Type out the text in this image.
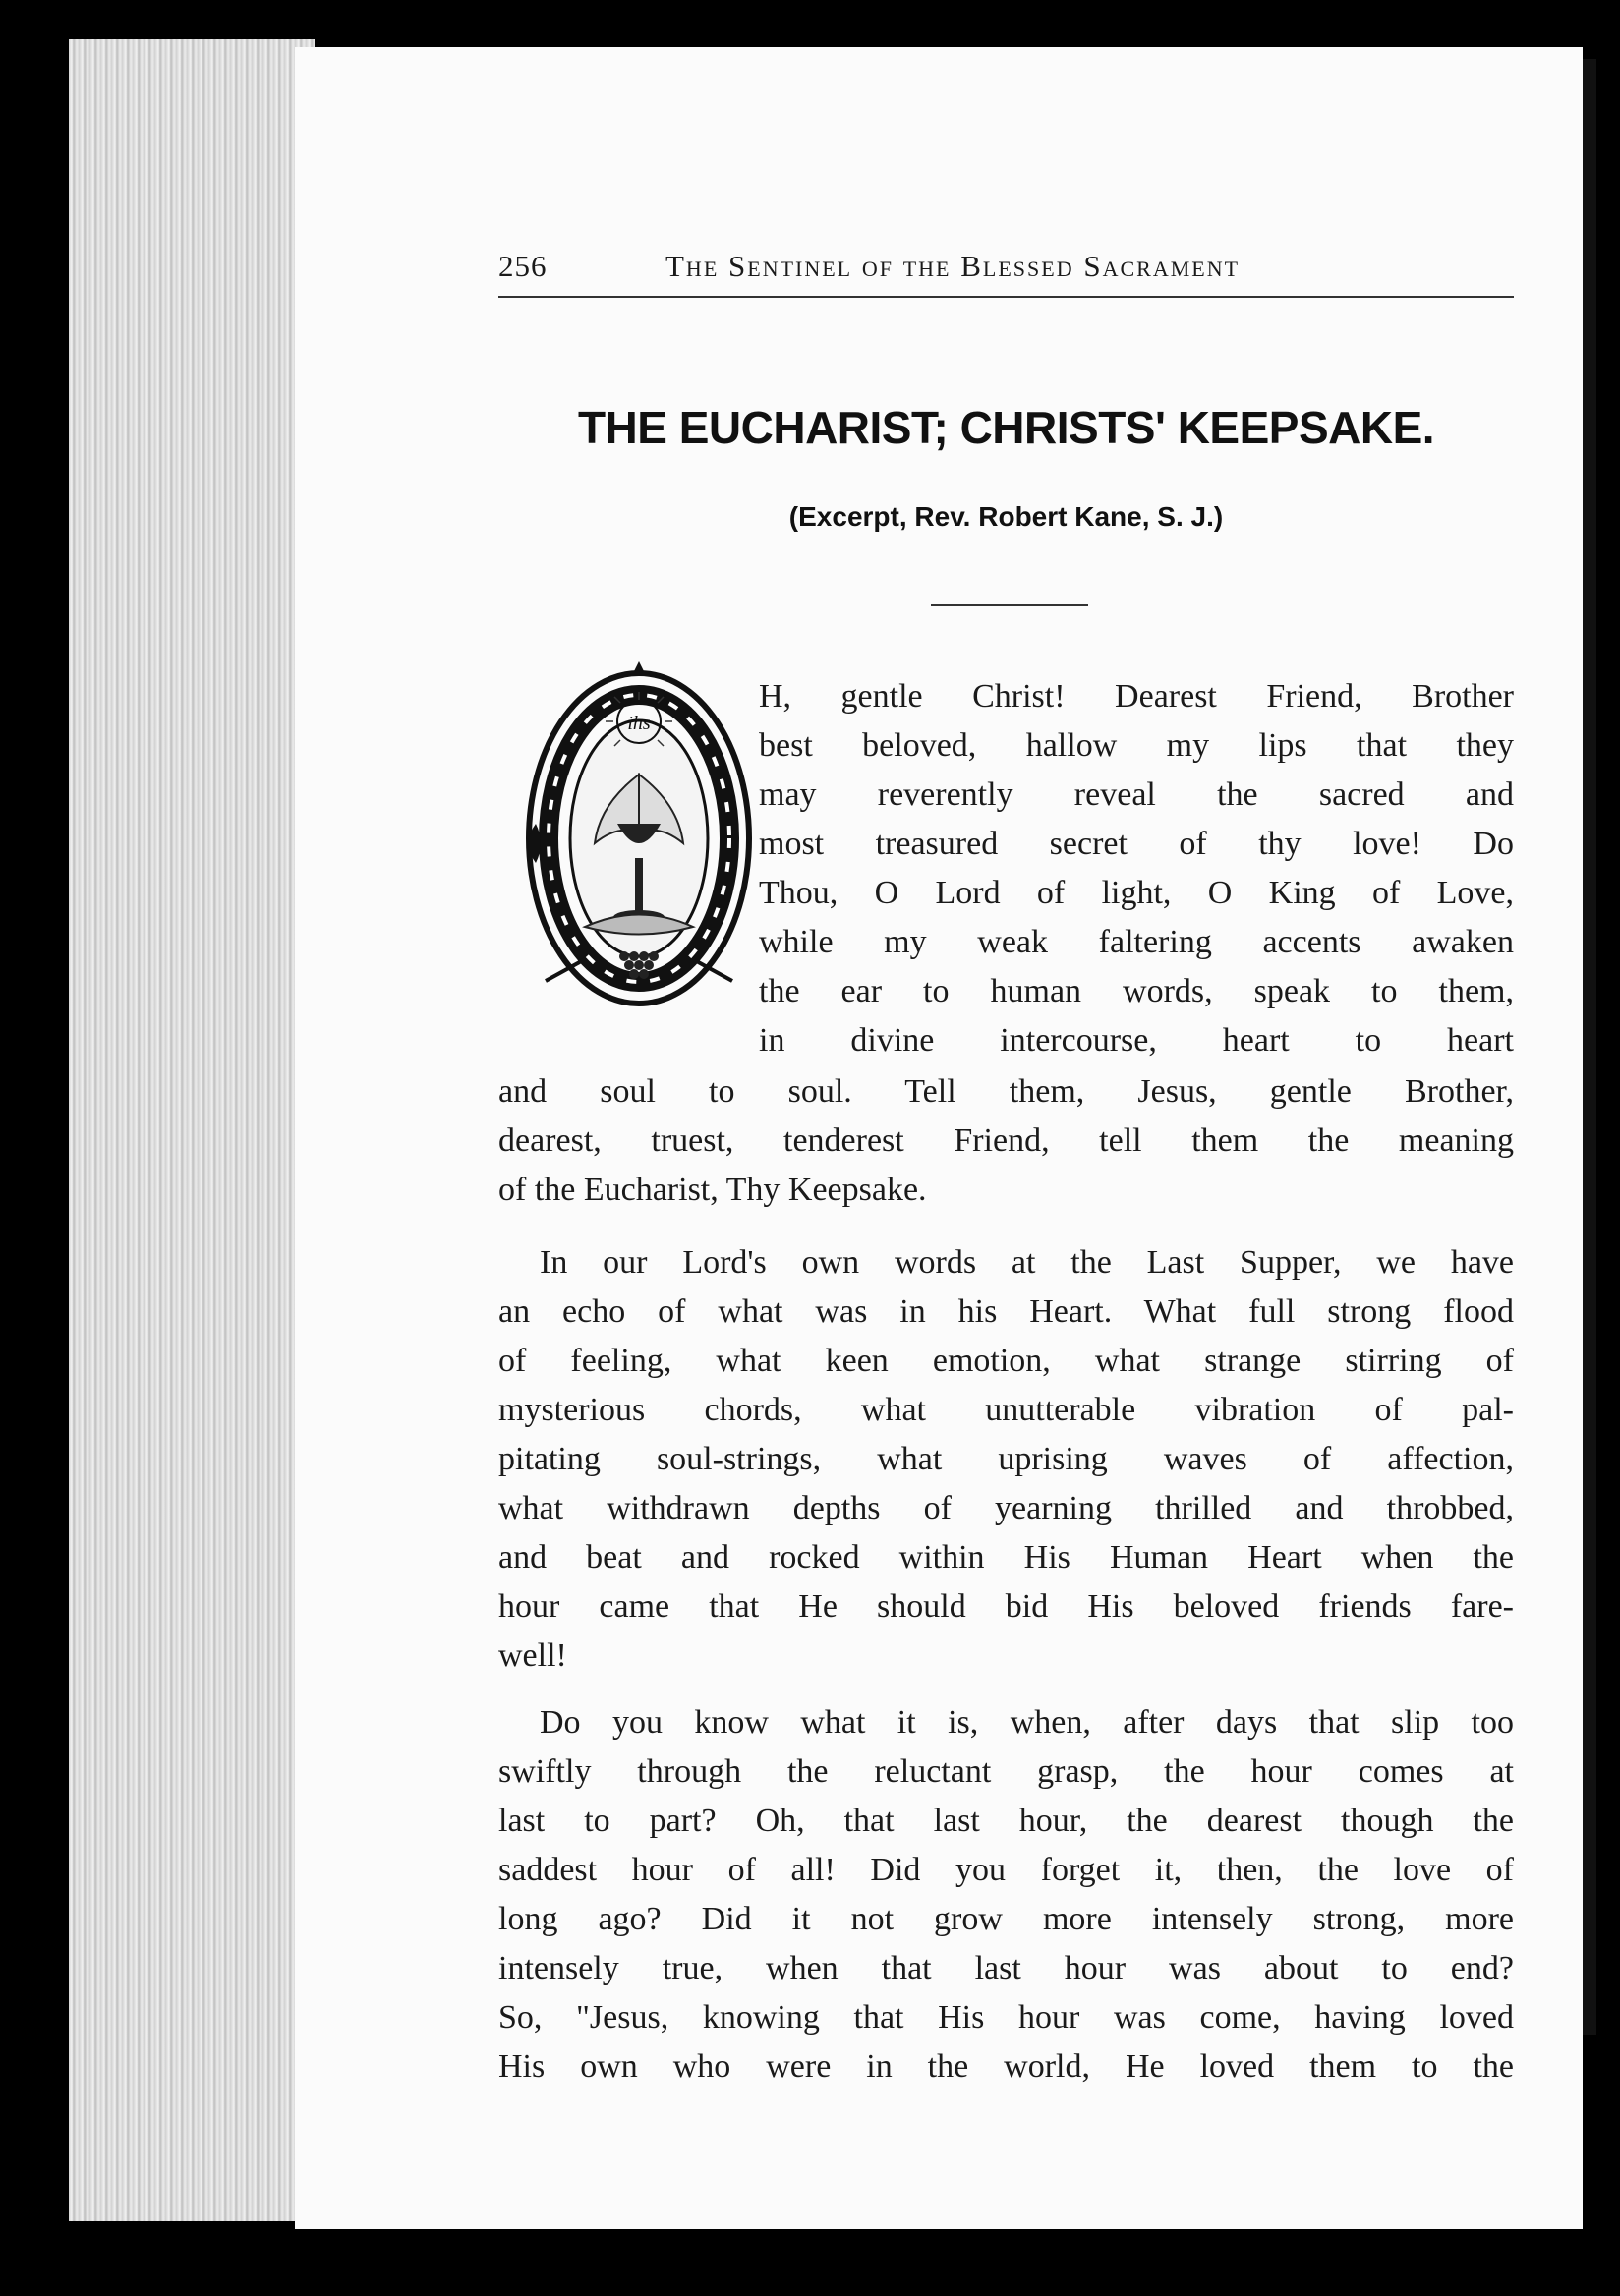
256	The Sentinel of the Blessed Sacrament
THE EUCHARIST; CHRISTS' KEEPSAKE.
(Excerpt, Rev. Robert Kane, S. J.)
ihs
H, gentle Christ! Dearest Friend, Brother
best beloved, hallow my lips that they
may reverently reveal the sacred and
most treasured secret of thy love! Do
Thou, O Lord of light, O King of Love,
while my weak faltering accents awaken
the ear to human words, speak to them,
in divine intercourse, heart to heart
and soul to soul. Tell them, Jesus, gentle Brother,
dearest, truest, tenderest Friend, tell them the meaning
of the Eucharist, Thy Keepsake.
In our Lord's own words at the Last Supper, we have
an echo of what was in his Heart. What full strong flood
of feeling, what keen emotion, what strange stirring of
mysterious chords, what unutterable vibration of pal-
pitating soul-strings, what uprising waves of affection,
what withdrawn depths of yearning thrilled and throbbed,
and beat and rocked within His Human Heart when the
hour came that He should bid His beloved friends fare-
well!
Do you know what it is, when, after days that slip too
swiftly through the reluctant grasp, the hour comes at
last to part? Oh, that last hour, the dearest though the
saddest hour of all! Did you forget it, then, the love of
long ago? Did it not grow more intensely strong, more
intensely true, when that last hour was about to end?
So, "Jesus, knowing that His hour was come, having loved
His own who were in the world, He loved them to the
